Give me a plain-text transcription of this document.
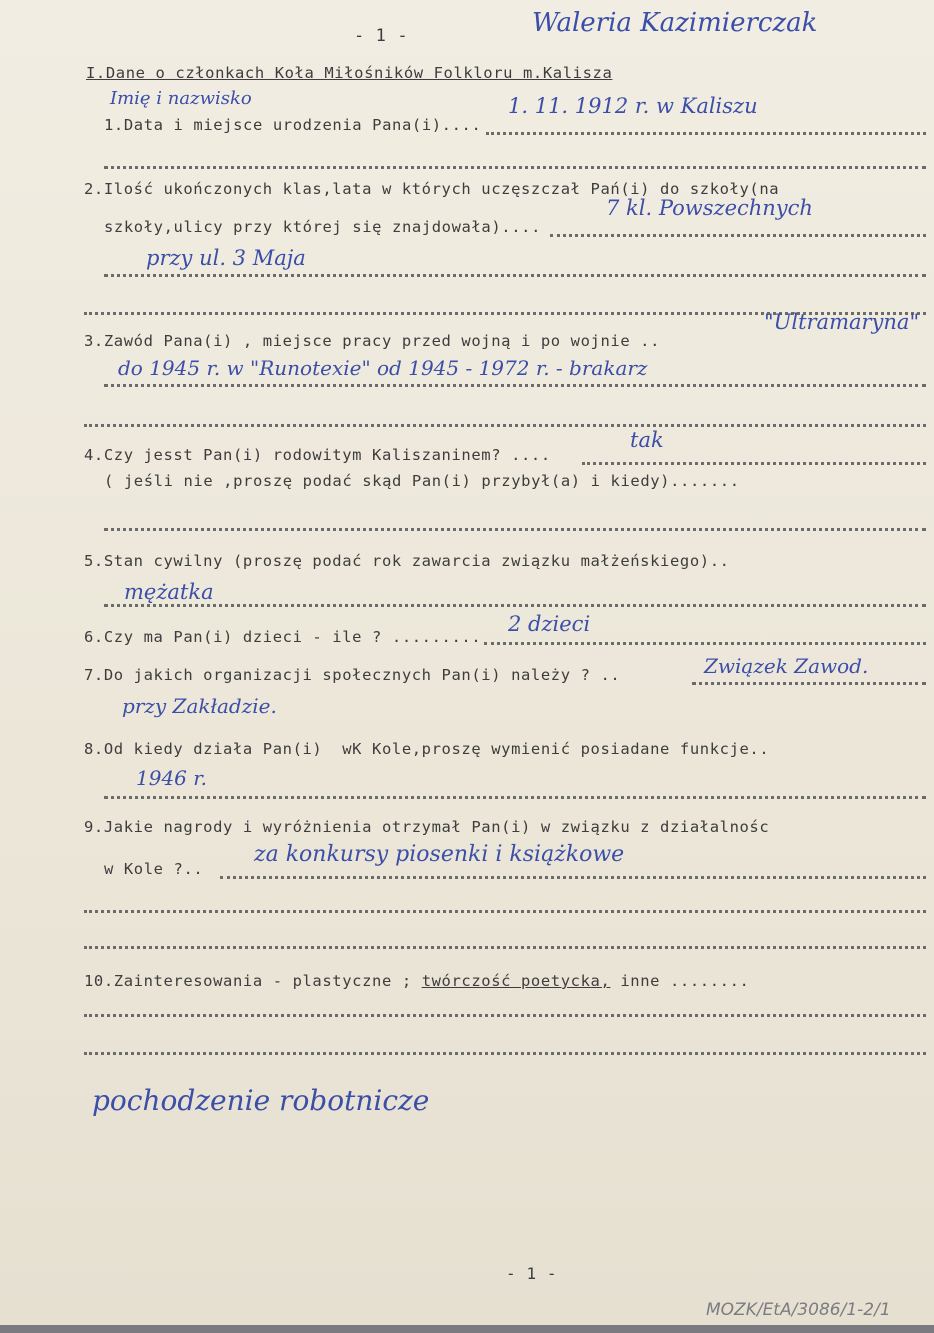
- 1 -	Waleria Kazimierczak
I.Dane o członkach Koła Miłośników Folkloru m.Kalisza
Imię i nazwisko
1.Data i miejsce urodzenia Pana(i)....
1. 11. 1912 r. w Kaliszu
2.Ilość ukończonych klas,lata w których uczęszczał Pań(i) do szkoły(na
szkoły,ulicy przy której się znajdowała)....
7 kl. Powszechnych
przy ul. 3 Maja
3.Zawód Pana(i) , miejsce pracy przed wojną i po wojnie ..
"Ultramaryna"
do 1945 r. w "Runotexie" od 1945 - 1972 r. - brakarz
4.Czy jesst Pan(i) rodowitym Kaliszaninem? ....
tak
( jeśli nie ,proszę podać skąd Pan(i) przybył(a) i kiedy).......
5.Stan cywilny (proszę podać rok zawarcia związku małżeńskiego)..
mężatka
6.Czy ma Pan(i) dzieci - ile ? .........
2 dzieci
7.Do jakich organizacji społecznych Pan(i) należy ? ..	Związek Zawod.
przy Zakładzie.
8.Od kiedy działa Pan(i)  wK Kole,proszę wymienić posiadane funkcje..
1946 r.
9.Jakie nagrody i wyróżnienia otrzymał Pan(i) w związku z działalnośc
w Kole ?..
za konkursy piosenki i książkowe
10.Zainteresowania - plastyczne ; twórczość poetycka, inne ........
pochodzenie robotnicze
- 1 -
MOZK/EtA/3086/1-2/1
